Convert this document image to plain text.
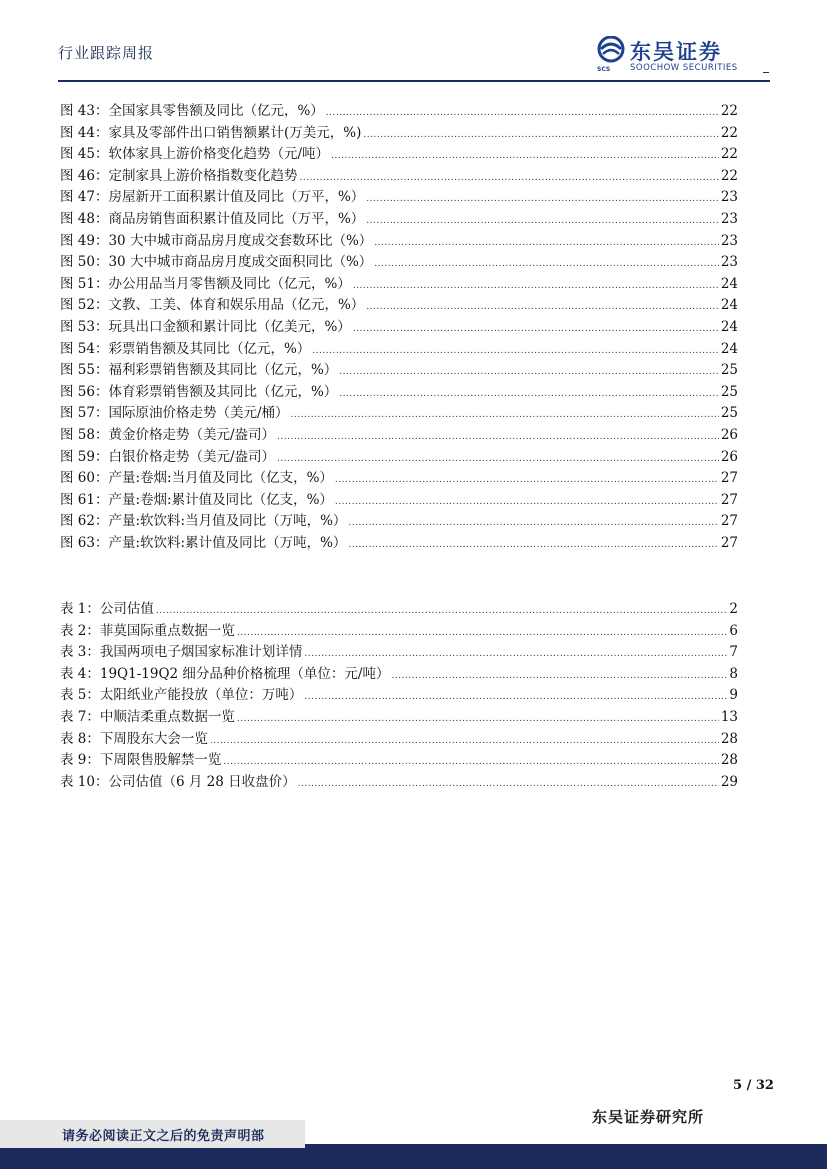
行业跟踪周报
SCS
东吴证券
SOOCHOW SECURITIES
图 43：全国家具零售额及同比（亿元，%） .....	22
图 44：家具及零部件出口销售额累计(万美元，%) .....	22
图 45：软体家具上游价格变化趋势（元/吨） .....	22
图 46：定制家具上游价格指数变化趋势 .....	22
图 47：房屋新开工面积累计值及同比（万平，%） .....	23
图 48：商品房销售面积累计值及同比（万平，%） .....	23
图 49：30 大中城市商品房月度成交套数环比（%） .....	23
图 50：30 大中城市商品房月度成交面积同比（%） .....	23
图 51：办公用品当月零售额及同比（亿元，%） .....	24
图 52：文教、工美、体育和娱乐用品（亿元，%） .....	24
图 53：玩具出口金额和累计同比（亿美元，%） .....	24
图 54：彩票销售额及其同比（亿元，%） .....	24
图 55：福利彩票销售额及其同比（亿元，%） .....	25
图 56：体育彩票销售额及其同比（亿元，%） .....	25
图 57：国际原油价格走势（美元/桶） .....	25
图 58：黄金价格走势（美元/盎司） .....	26
图 59：白银价格走势（美元/盎司） .....	26
图 60：产量:卷烟:当月值及同比（亿支，%） .....	27
图 61：产量:卷烟:累计值及同比（亿支，%） .....	27
图 62：产量:软饮料:当月值及同比（万吨，%） .....	27
图 63：产量:软饮料:累计值及同比（万吨，%） .....	27
表 1：公司估值 .....	2
表 2：菲莫国际重点数据一览 .....	6
表 3：我国两项电子烟国家标准计划详情 .....	7
表 4：19Q1-19Q2 细分品种价格梳理（单位：元/吨） .....	8
表 5：太阳纸业产能投放（单位：万吨） .....	9
表 7：中顺洁柔重点数据一览 .....	13
表 8：下周股东大会一览 .....	28
表 9：下周限售股解禁一览 .....	28
表 10：公司估值（6 月 28 日收盘价） .....	29
5 / 32
东吴证券研究所
请务必阅读正文之后的免责声明部
